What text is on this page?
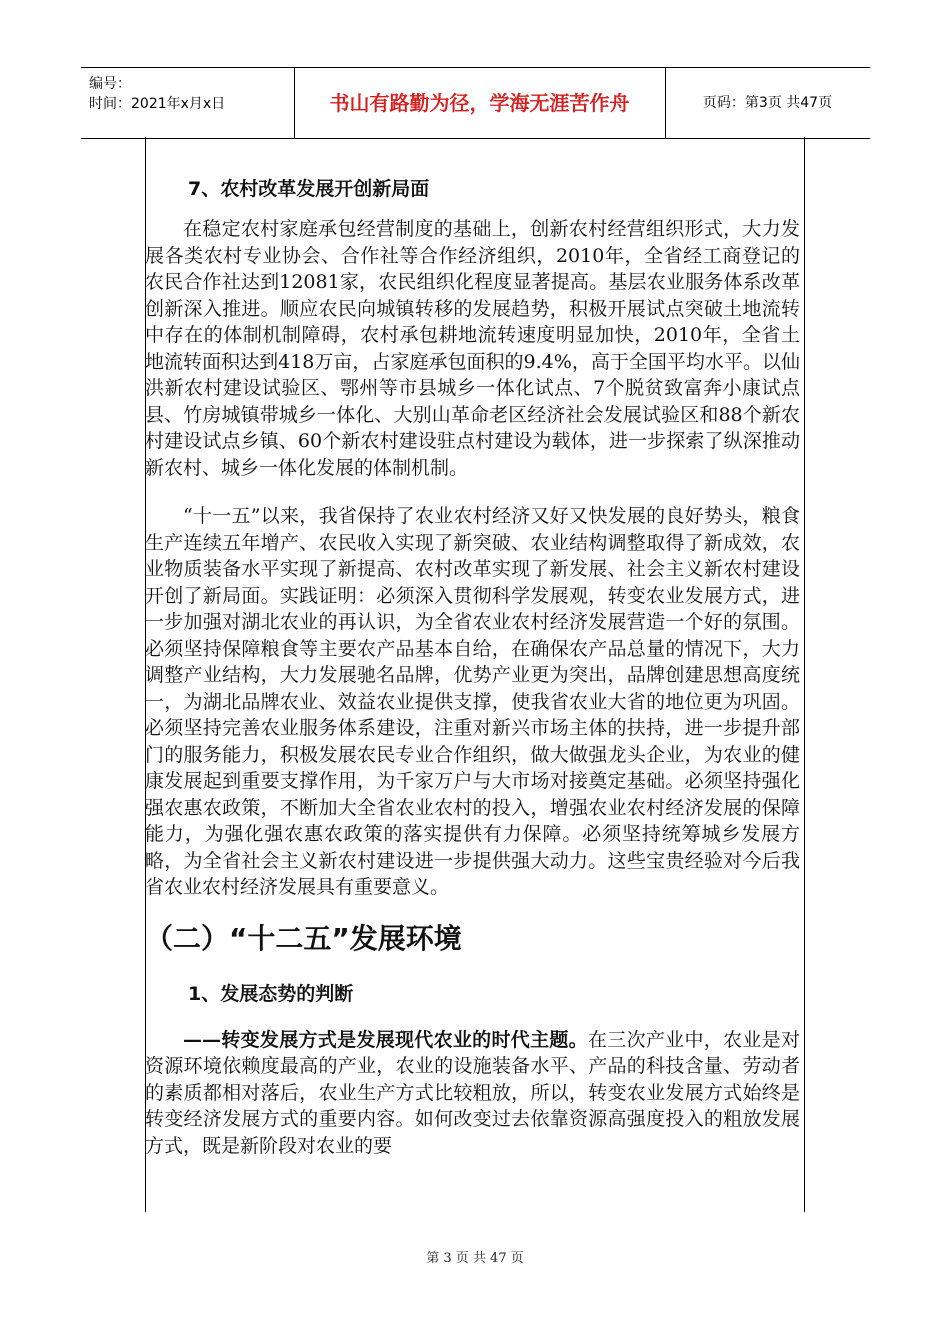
编号：
时间：2021年x月x日	书山有路勤为径，学海无涯苦作舟	页码：第3页 共47页
7、农村改革发展开创新局面

在稳定农村家庭承包经营制度的基础上，创新农村经营组织形式，大力发展各类农村专业协会、合作社等合作经济组织，2010年，全省经工商登记的农民合作社达到12081家，农民组织化程度显著提高。基层农业服务体系改革创新深入推进。顺应农民向城镇转移的发展趋势，积极开展试点突破土地流转中存在的体制机制障碍，农村承包耕地流转速度明显加快，2010年，全省土地流转面积达到418万亩，占家庭承包面积的9.4%，高于全国平均水平。以仙洪新农村建设试验区、鄂州等市县城乡一体化试点、7个脱贫致富奔小康试点县、竹房城镇带城乡一体化、大别山革命老区经济社会发展试验区和88个新农村建设试点乡镇、60个新农村建设驻点村建设为载体，进一步探索了纵深推动新农村、城乡一体化发展的体制机制。

“十一五”以来，我省保持了农业农村经济又好又快发展的良好势头，粮食生产连续五年增产、农民收入实现了新突破、农业结构调整取得了新成效，农业物质装备水平实现了新提高、农村改革实现了新发展、社会主义新农村建设开创了新局面。实践证明：必须深入贯彻科学发展观，转变农业发展方式，进一步加强对湖北农业的再认识，为全省农业农村经济发展营造一个好的氛围。必须坚持保障粮食等主要农产品基本自给，在确保农产品总量的情况下，大力调整产业结构，大力发展驰名品牌，优势产业更为突出，品牌创建思想高度统一，为湖北品牌农业、效益农业提供支撑，使我省农业大省的地位更为巩固。必须坚持完善农业服务体系建设，注重对新兴市场主体的扶持，进一步提升部门的服务能力，积极发展农民专业合作组织，做大做强龙头企业，为农业的健康发展起到重要支撑作用，为千家万户与大市场对接奠定基础。必须坚持强化强农惠农政策，不断加大全省农业农村的投入，增强农业农村经济发展的保障能力，为强化强农惠农政策的落实提供有力保障。必须坚持统筹城乡发展方略，为全省社会主义新农村建设进一步提供强大动力。这些宝贵经验对今后我省农业农村经济发展具有重要意义。

（二）“十二五”发展环境
1、发展态势的判断

——转变发展方式是发展现代农业的时代主题。在三次产业中，农业是对资源环境依赖度最高的产业，农业的设施装备水平、产品的科技含量、劳动者的素质都相对落后，农业生产方式比较粗放，所以，转变农业发展方式始终是转变经济发展方式的重要内容。如何改变过去依靠资源高强度投入的粗放发展方式，既是新阶段对农业的要

第 3 页 共 47 页
